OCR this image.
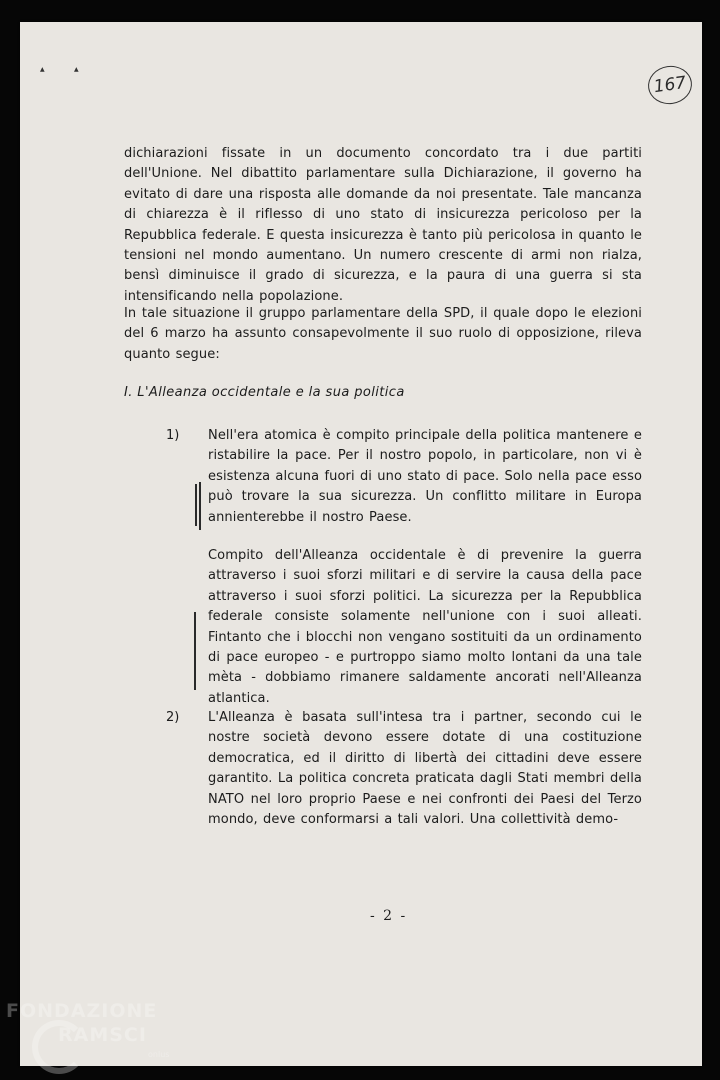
▲	▲
167
dichiarazioni fissate in un documento concordato tra i due partiti dell'Unione. Nel dibattito parlamentare sulla Dichiarazione, il governo ha evitato di dare una risposta alle domande da noi presentate. Tale mancanza di chiarezza è il riflesso di uno stato di insicurezza pericoloso per la Repubblica federale. E questa insicurezza è tanto più pericolosa in quanto le tensioni nel mondo aumentano. Un numero crescente di armi non rialza, bensì diminuisce il grado di sicurezza, e la paura di una guerra si sta intensificando nella popolazione.
In tale situazione il gruppo parlamentare della SPD, il quale dopo le elezioni del 6 marzo ha assunto consapevolmente il suo ruolo di opposizione, rileva quanto segue:
I. L'Alleanza occidentale e la sua politica
1) Nell'era atomica è compito principale della politica mantenere e ristabilire la pace. Per il nostro popolo, in particolare, non vi è esistenza alcuna fuori di uno stato di pace. Solo nella pace esso può trovare la sua sicurezza. Un conflitto militare in Europa annienterebbe il nostro Paese.
Compito dell'Alleanza occidentale è di prevenire la guerra attraverso i suoi sforzi militari e di servire la causa della pace attraverso i suoi sforzi politici. La sicurezza per la Repubblica federale consiste solamente nell'unione con i suoi alleati. Fintanto che i blocchi non vengano sostituiti da un ordinamento di pace europeo - e purtroppo siamo molto lontani da una tale mèta - dobbiamo rimanere saldamente ancorati nell'Alleanza atlantica.
2) L'Alleanza è basata sull'intesa tra i partner, secondo cui le nostre società devono essere dotate di una costituzione democratica, ed il diritto di libertà dei cittadini deve essere garantito. La politica concreta praticata dagli Stati membri della NATO nel loro proprio Paese e nei confronti dei Paesi del Terzo mondo, deve conformarsi a tali valori. Una collettività demo-
- 2 -
FONDAZIONE
RAMSCI
onlus
